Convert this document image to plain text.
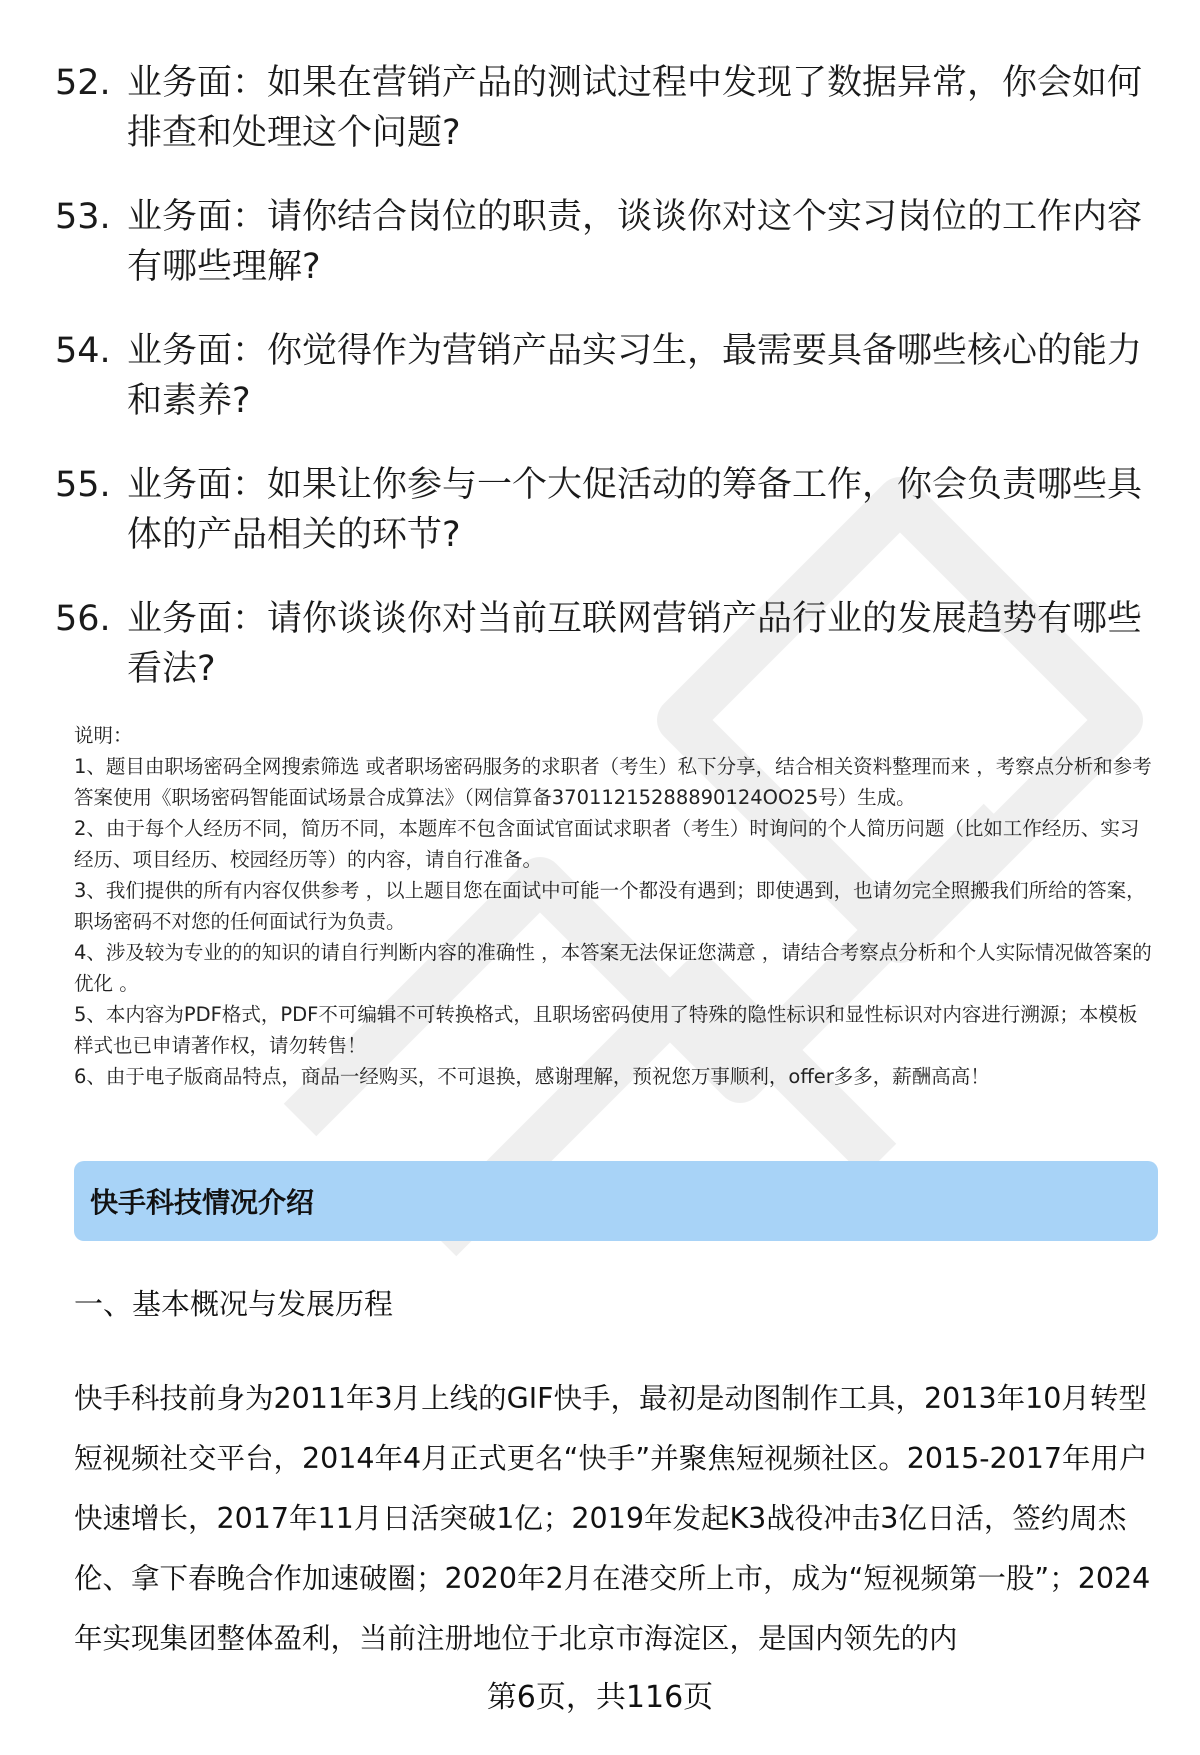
52. 业务面：如果在营销产品的测试过程中发现了数据异常，你会如何排查和处理这个问题?
53. 业务面：请你结合岗位的职责，谈谈你对这个实习岗位的工作内容有哪些理解?
54. 业务面：你觉得作为营销产品实习生，最需要具备哪些核心的能力和素养?
55. 业务面：如果让你参与一个大促活动的筹备工作，你会负责哪些具体的产品相关的环节?
56. 业务面：请你谈谈你对当前互联网营销产品行业的发展趋势有哪些看法?

说明：

1、题目由职场密码全网搜索筛选 或者职场密码服务的求职者（考生）私下分享，结合相关资料整理而来 ，考察点分析和参考答案使用《职场密码智能面试场景合成算法》（网信算备37011215288890124OO25号）生成。

2、由于每个人经历不同，简历不同，本题库不包含面试官面试求职者（考生）时询问的个人简历问题（比如工作经历、实习经历、项目经历、校园经历等）的内容，请自行准备。

3、我们提供的所有内容仅供参考 ，以上题目您在面试中可能一个都没有遇到；即使遇到，也请勿完全照搬我们所给的答案，职场密码不对您的任何面试行为负责。

4、涉及较为专业的的知识的请自行判断内容的准确性 ，本答案无法保证您满意 ，请结合考察点分析和个人实际情况做答案的优化 。

5、本内容为PDF格式，PDF不可编辑不可转换格式，且职场密码使用了特殊的隐性标识和显性标识对内容进行溯源；本模板样式也已申请著作权，请勿转售！

6、由于电子版商品特点，商品一经购买，不可退换，感谢理解，预祝您万事顺利，offer多多，薪酬高高！

快手科技情况介绍
一、基本概况与发展历程
快手科技前身为2011年3月上线的GIF快手，最初是动图制作工具，2013年10月转型短视频社交平台，2014年4月正式更名“快手”并聚焦短视频社区。2015-2017年用户快速增长，2017年11月日活突破1亿；2019年发起K3战役冲击3亿日活，签约周杰伦、拿下春晚合作加速破圈；2020年2月在港交所上市，成为“短视频第一股”；2024年实现集团整体盈利，当前注册地位于北京市海淀区，是国内领先的内
第6页，共116页
